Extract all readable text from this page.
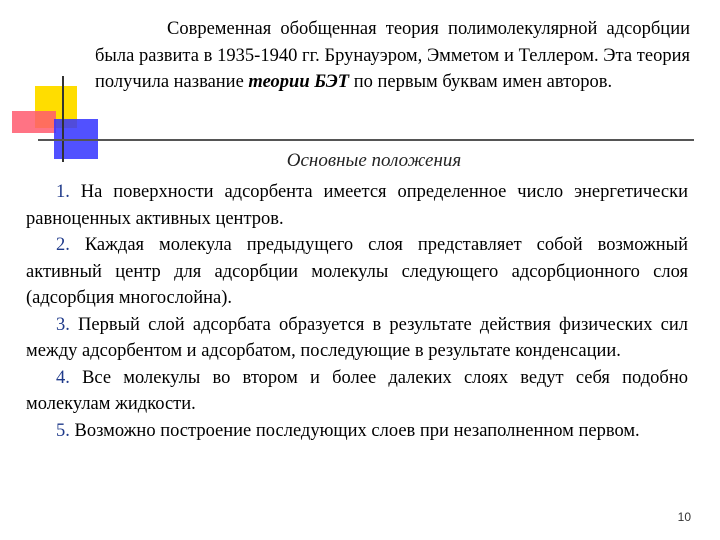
Современная обобщенная теория полимолекулярной адсорбции была развита в 1935-1940 гг. Брунауэром, Эмметом и Теллером. Эта теория получила название теории БЭТ по первым буквам имен авторов.
Основные положения

1. На поверхности адсорбента имеется определенное число энергетически равноценных активных центров.

2. Каждая молекула предыдущего слоя представляет собой возможный активный центр для адсорбции молекулы следующего адсорбционного слоя (адсорбция многослойна).

3. Первый слой адсорбата образуется в результате действия физических сил между адсорбентом и адсорбатом, последующие в результате конденсации.

4. Все молекулы во втором и более далеких слоях ведут себя подобно молекулам жидкости.

5. Возможно построение последующих слоев при незаполненном первом.

10
